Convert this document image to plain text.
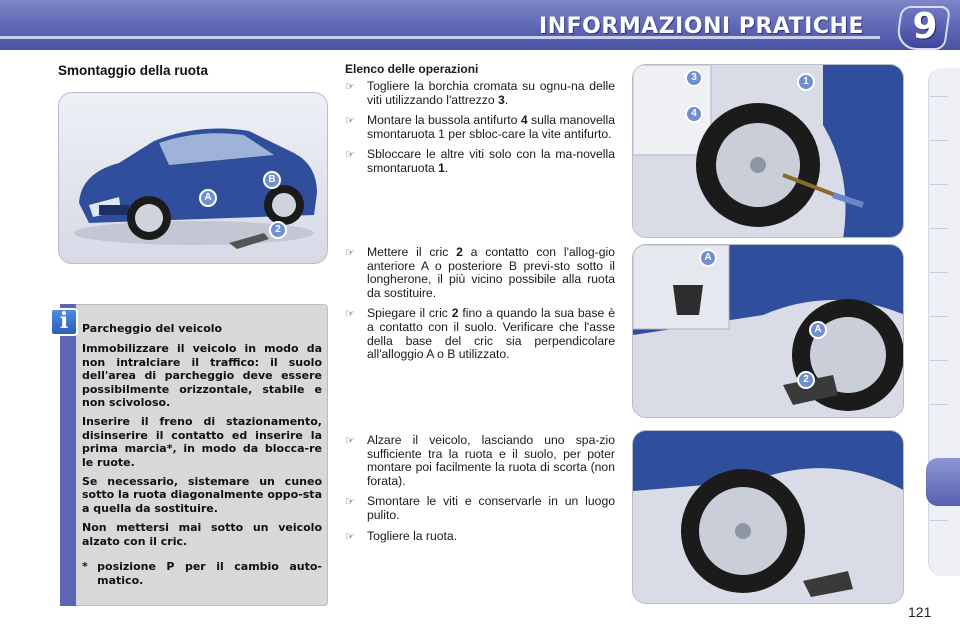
INFORMAZIONI PRATICHE 9
Smontaggio della ruota
A
B
2
i	Parcheggio del veicolo

Immobilizzare il veicolo in modo da non intralciare il traffico: il suolo dell'area di parcheggio deve essere possibilmente orizzontale, stabile e non scivoloso.

Inserire il freno di stazionamento, disinserire il contatto ed inserire la prima marcia*, in modo da blocca-re le ruote.

Se necessario, sistemare un cuneo sotto la ruota diagonalmente oppo-sta a quella da sostituire.

Non mettersi mai sotto un veicolo alzato con il cric.

* posizione P per il cambio auto-matico.
Elenco delle operazioni
☞ Togliere la borchia cromata su ognu-na delle viti utilizzando l'attrezzo 3.
☞ Montare la bussola antifurto 4 sulla manovella smontaruota 1 per sbloc-care la vite antifurto.
☞ Sbloccare le altre viti solo con la ma-novella smontaruota 1.
☞ Mettere il cric 2 a contatto con l'allog-gio anteriore A o posteriore B previ-sto sotto il longherone, il più vicino possibile alla ruota da sostituire.
☞ Spiegare il cric 2 fino a quando la sua base è a contatto con il suolo. Verificare che l'asse della base del cric sia perpendicolare all'alloggio A o B utilizzato.
☞ Alzare il veicolo, lasciando uno spa-zio sufficiente tra la ruota e il suolo, per poter montare poi facilmente la ruota di scorta (non forata).
☞ Smontare le viti e conservarle in un luogo pulito.
☞ Togliere la ruota.
3
4
1
A
A
2
121
